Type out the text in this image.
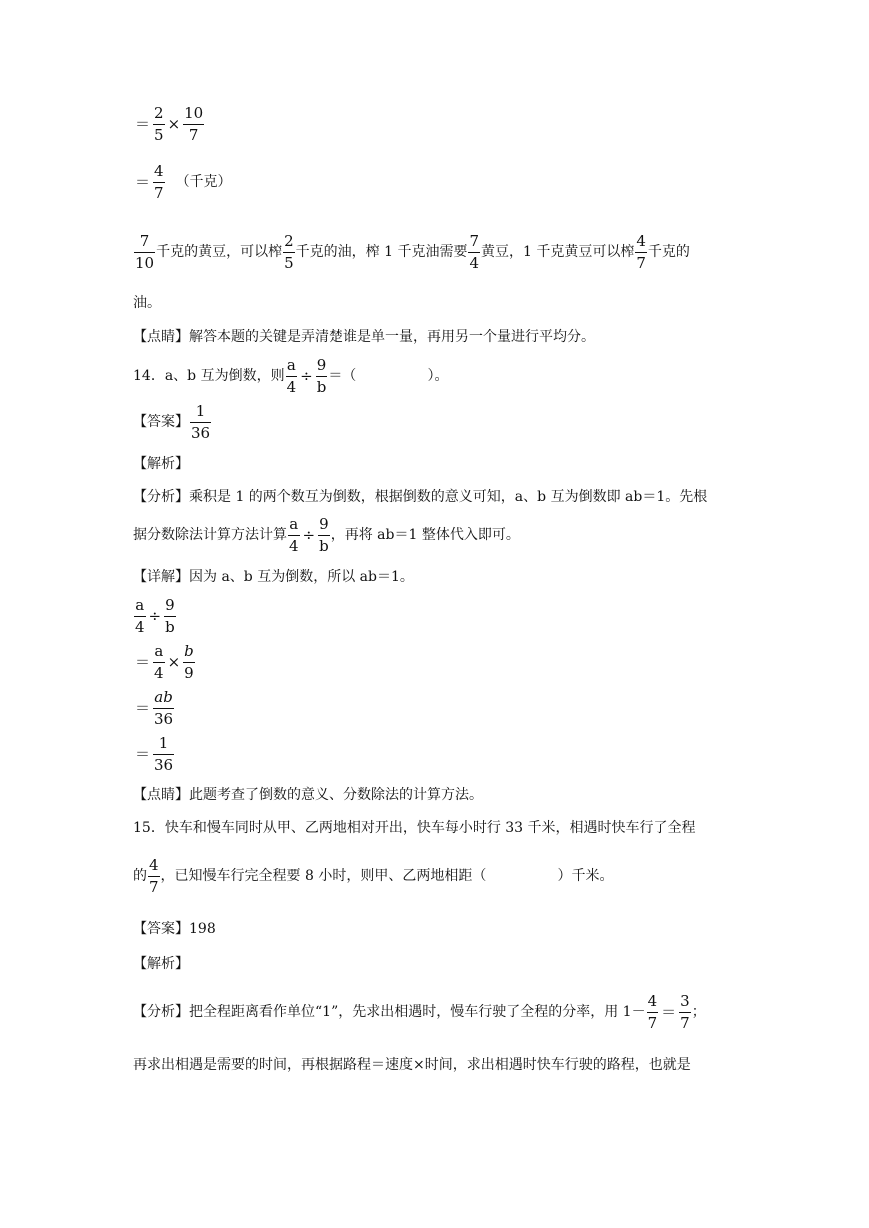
＝ $\frac{2}{5} \times \frac{10}{7}$
＝ $\frac{4}{7}$ （千克）
$\frac{7}{10}$ 千克的黄豆，可以榨 $\frac{2}{5}$ 千克的油，榨 1 千克油需要 $\frac{7}{4}$ 黄豆，1 千克黄豆可以榨 $\frac{4}{7}$ 千克的
油。
【点睛】解答本题的关键是弄清楚谁是单一量，再用另一个量进行平均分。
14．a、b 互为倒数，则 $\frac{a}{4} \div \frac{9}{b}$ ＝（                ）。
【答案】 $\frac{1}{36}$
【解析】
【分析】乘积是 1 的两个数互为倒数，根据倒数的意义可知，a、b 互为倒数即 ab＝1。先根
据分数除法计算方法计算 $\frac{a}{4} \div \frac{9}{b}$ ，再将 ab＝1 整体代入即可。
【详解】因为 a、b 互为倒数，所以 ab＝1。
$\frac{a}{4} \div \frac{9}{b}$
＝ $\frac{a}{4} \times \frac{b}{9}$
＝ $\frac{ab}{36}$
＝ $\frac{1}{36}$
【点睛】此题考查了倒数的意义、分数除法的计算方法。
15．快车和慢车同时从甲、乙两地相对开出，快车每小时行 33 千米，相遇时快车行了全程
的 $\frac{4}{7}$ ，已知慢车行完全程要 8 小时，则甲、乙两地相距（                ）千米。
【答案】198
【解析】
【分析】把全程距离看作单位“1”，先求出相遇时，慢车行驶了全程的分率，用 $1- \frac{4}{7} = \frac{3}{7}$ ；
再求出相遇是需要的时间，再根据路程＝速度×时间，求出相遇时快车行驶的路程，也就是
